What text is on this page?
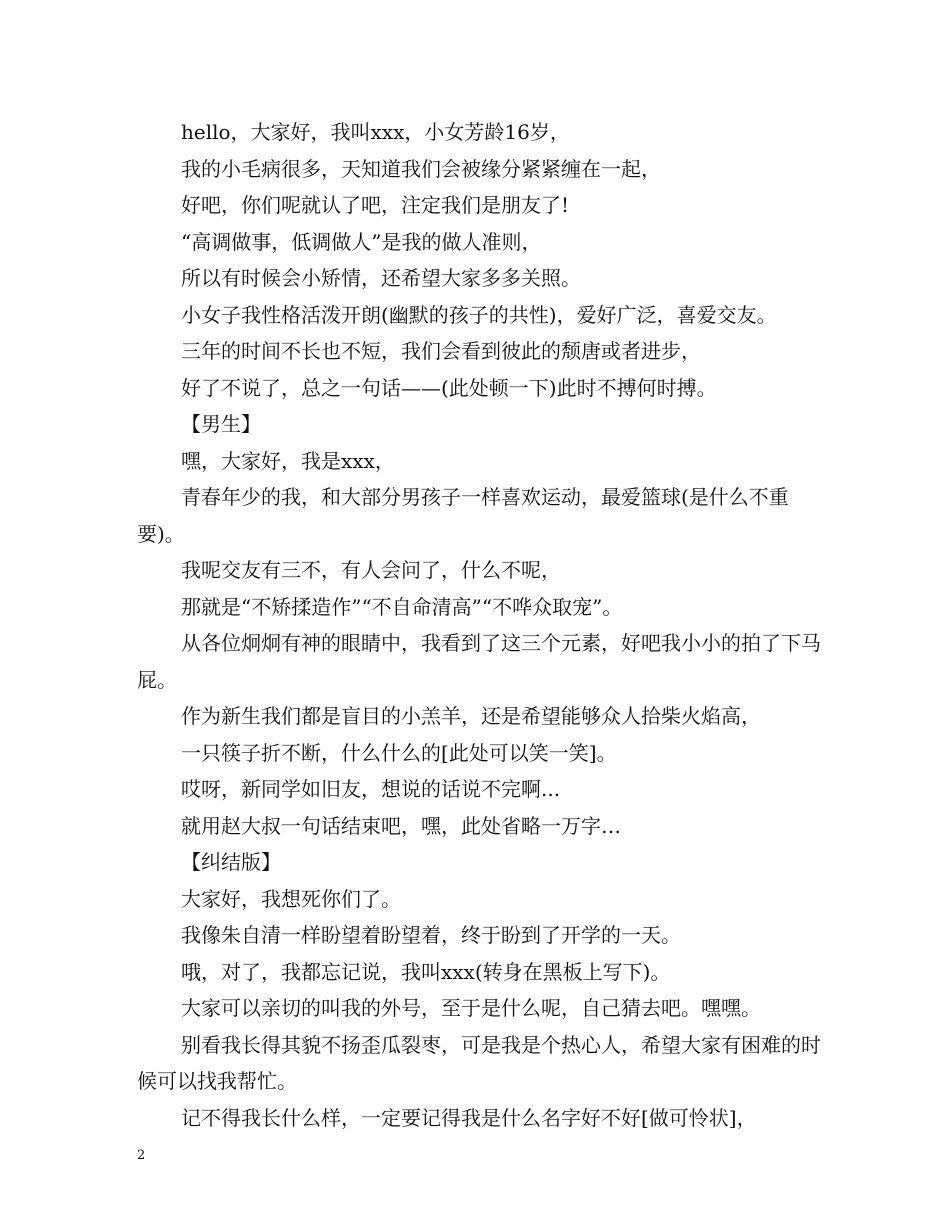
hello，大家好，我叫xxx，小女芳龄16岁，

我的小毛病很多，天知道我们会被缘分紧紧缠在一起，

好吧，你们呢就认了吧，注定我们是朋友了!

“高调做事，低调做人”是我的做人准则，

所以有时候会小矫情，还希望大家多多关照。

小女子我性格活泼开朗(幽默的孩子的共性)，爱好广泛，喜爱交友。

三年的时间不长也不短，我们会看到彼此的颓唐或者进步，

好了不说了，总之一句话——(此处顿一下)此时不搏何时搏。

【男生】

嘿，大家好，我是xxx，

青春年少的我，和大部分男孩子一样喜欢运动，最爱篮球(是什么不重要)。

我呢交友有三不，有人会问了，什么不呢，

那就是“不矫揉造作”“不自命清高”“不哗众取宠”。

从各位炯炯有神的眼睛中，我看到了这三个元素，好吧我小小的拍了下马屁。

作为新生我们都是盲目的小羔羊，还是希望能够众人拾柴火焰高，

一只筷子折不断，什么什么的[此处可以笑一笑]。

哎呀，新同学如旧友，想说的话说不完啊...

就用赵大叔一句话结束吧，嘿，此处省略一万字…

【纠结版】

大家好，我想死你们了。

我像朱自清一样盼望着盼望着，终于盼到了开学的一天。

哦，对了，我都忘记说，我叫xxx(转身在黑板上写下)。

大家可以亲切的叫我的外号，至于是什么呢，自己猜去吧。嘿嘿。

别看我长得其貌不扬歪瓜裂枣，可是我是个热心人，希望大家有困难的时候可以找我帮忙。

记不得我长什么样，一定要记得我是什么名字好不好[做可怜状]，

2
